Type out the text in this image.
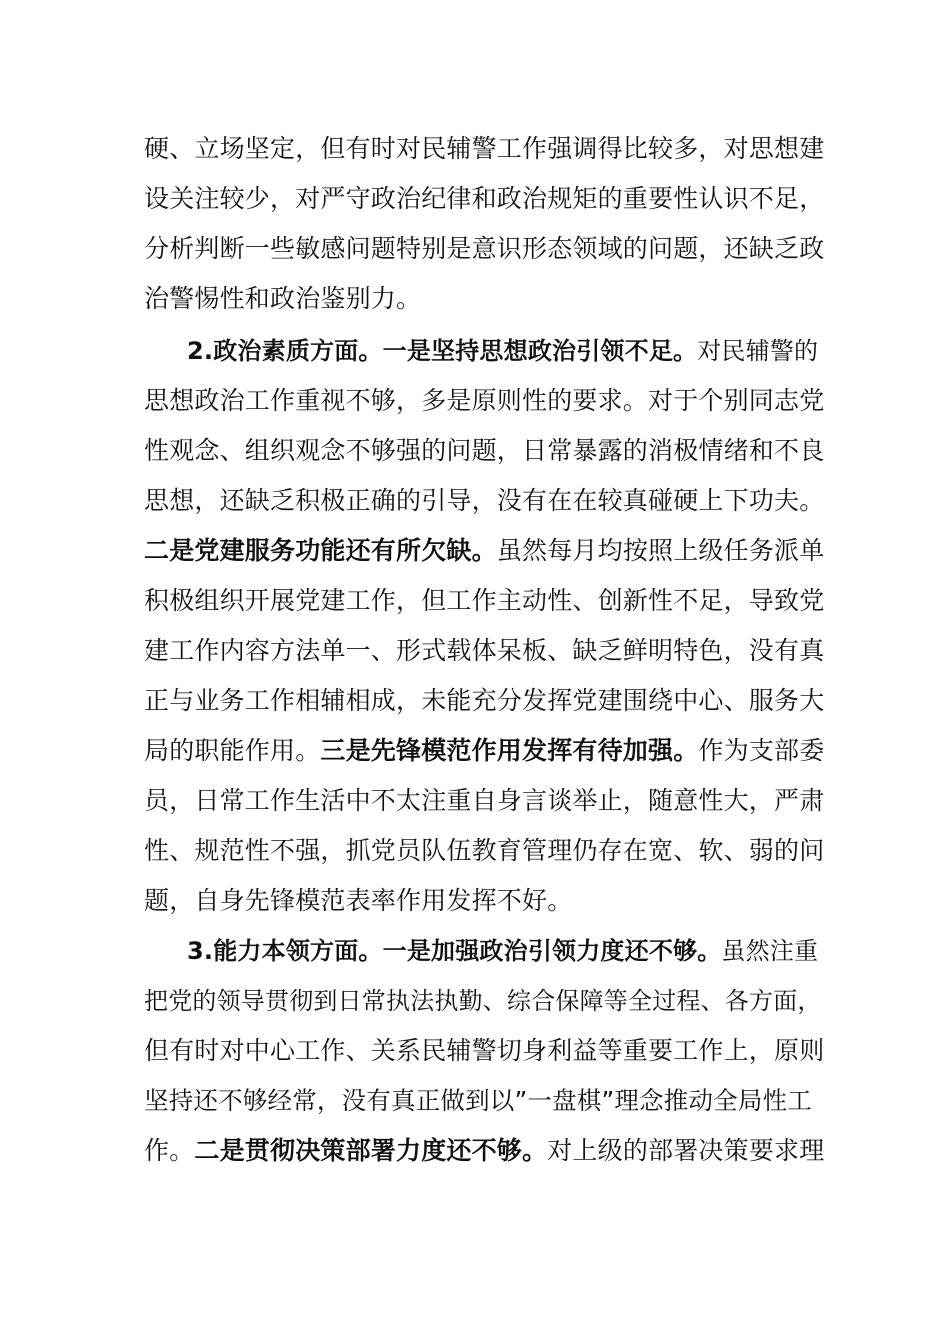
硬、立场坚定，但有时对民辅警工作强调得比较多，对思想建
设关注较少，对严守政治纪律和政治规矩的重要性认识不足，
分析判断一些敏感问题特别是意识形态领域的问题，还缺乏政
治警惕性和政治鉴别力。
2.政治素质方面。一是坚持思想政治引领不足。对民辅警的
思想政治工作重视不够，多是原则性的要求。对于个别同志党
性观念、组织观念不够强的问题，日常暴露的消极情绪和不良
思想，还缺乏积极正确的引导，没有在在较真碰硬上下功夫。
二是党建服务功能还有所欠缺。虽然每月均按照上级任务派单
积极组织开展党建工作，但工作主动性、创新性不足，导致党
建工作内容方法单一、形式载体呆板、缺乏鲜明特色，没有真
正与业务工作相辅相成，未能充分发挥党建围绕中心、服务大
局的职能作用。三是先锋模范作用发挥有待加强。作为支部委
员，日常工作生活中不太注重自身言谈举止，随意性大，严肃
性、规范性不强，抓党员队伍教育管理仍存在宽、软、弱的问
题，自身先锋模范表率作用发挥不好。
3.能力本领方面。一是加强政治引领力度还不够。虽然注重
把党的领导贯彻到日常执法执勤、综合保障等全过程、各方面，
但有时对中心工作、关系民辅警切身利益等重要工作上，原则
坚持还不够经常，没有真正做到以”一盘棋”理念推动全局性工
作。二是贯彻决策部署力度还不够。对上级的部署决策要求理
